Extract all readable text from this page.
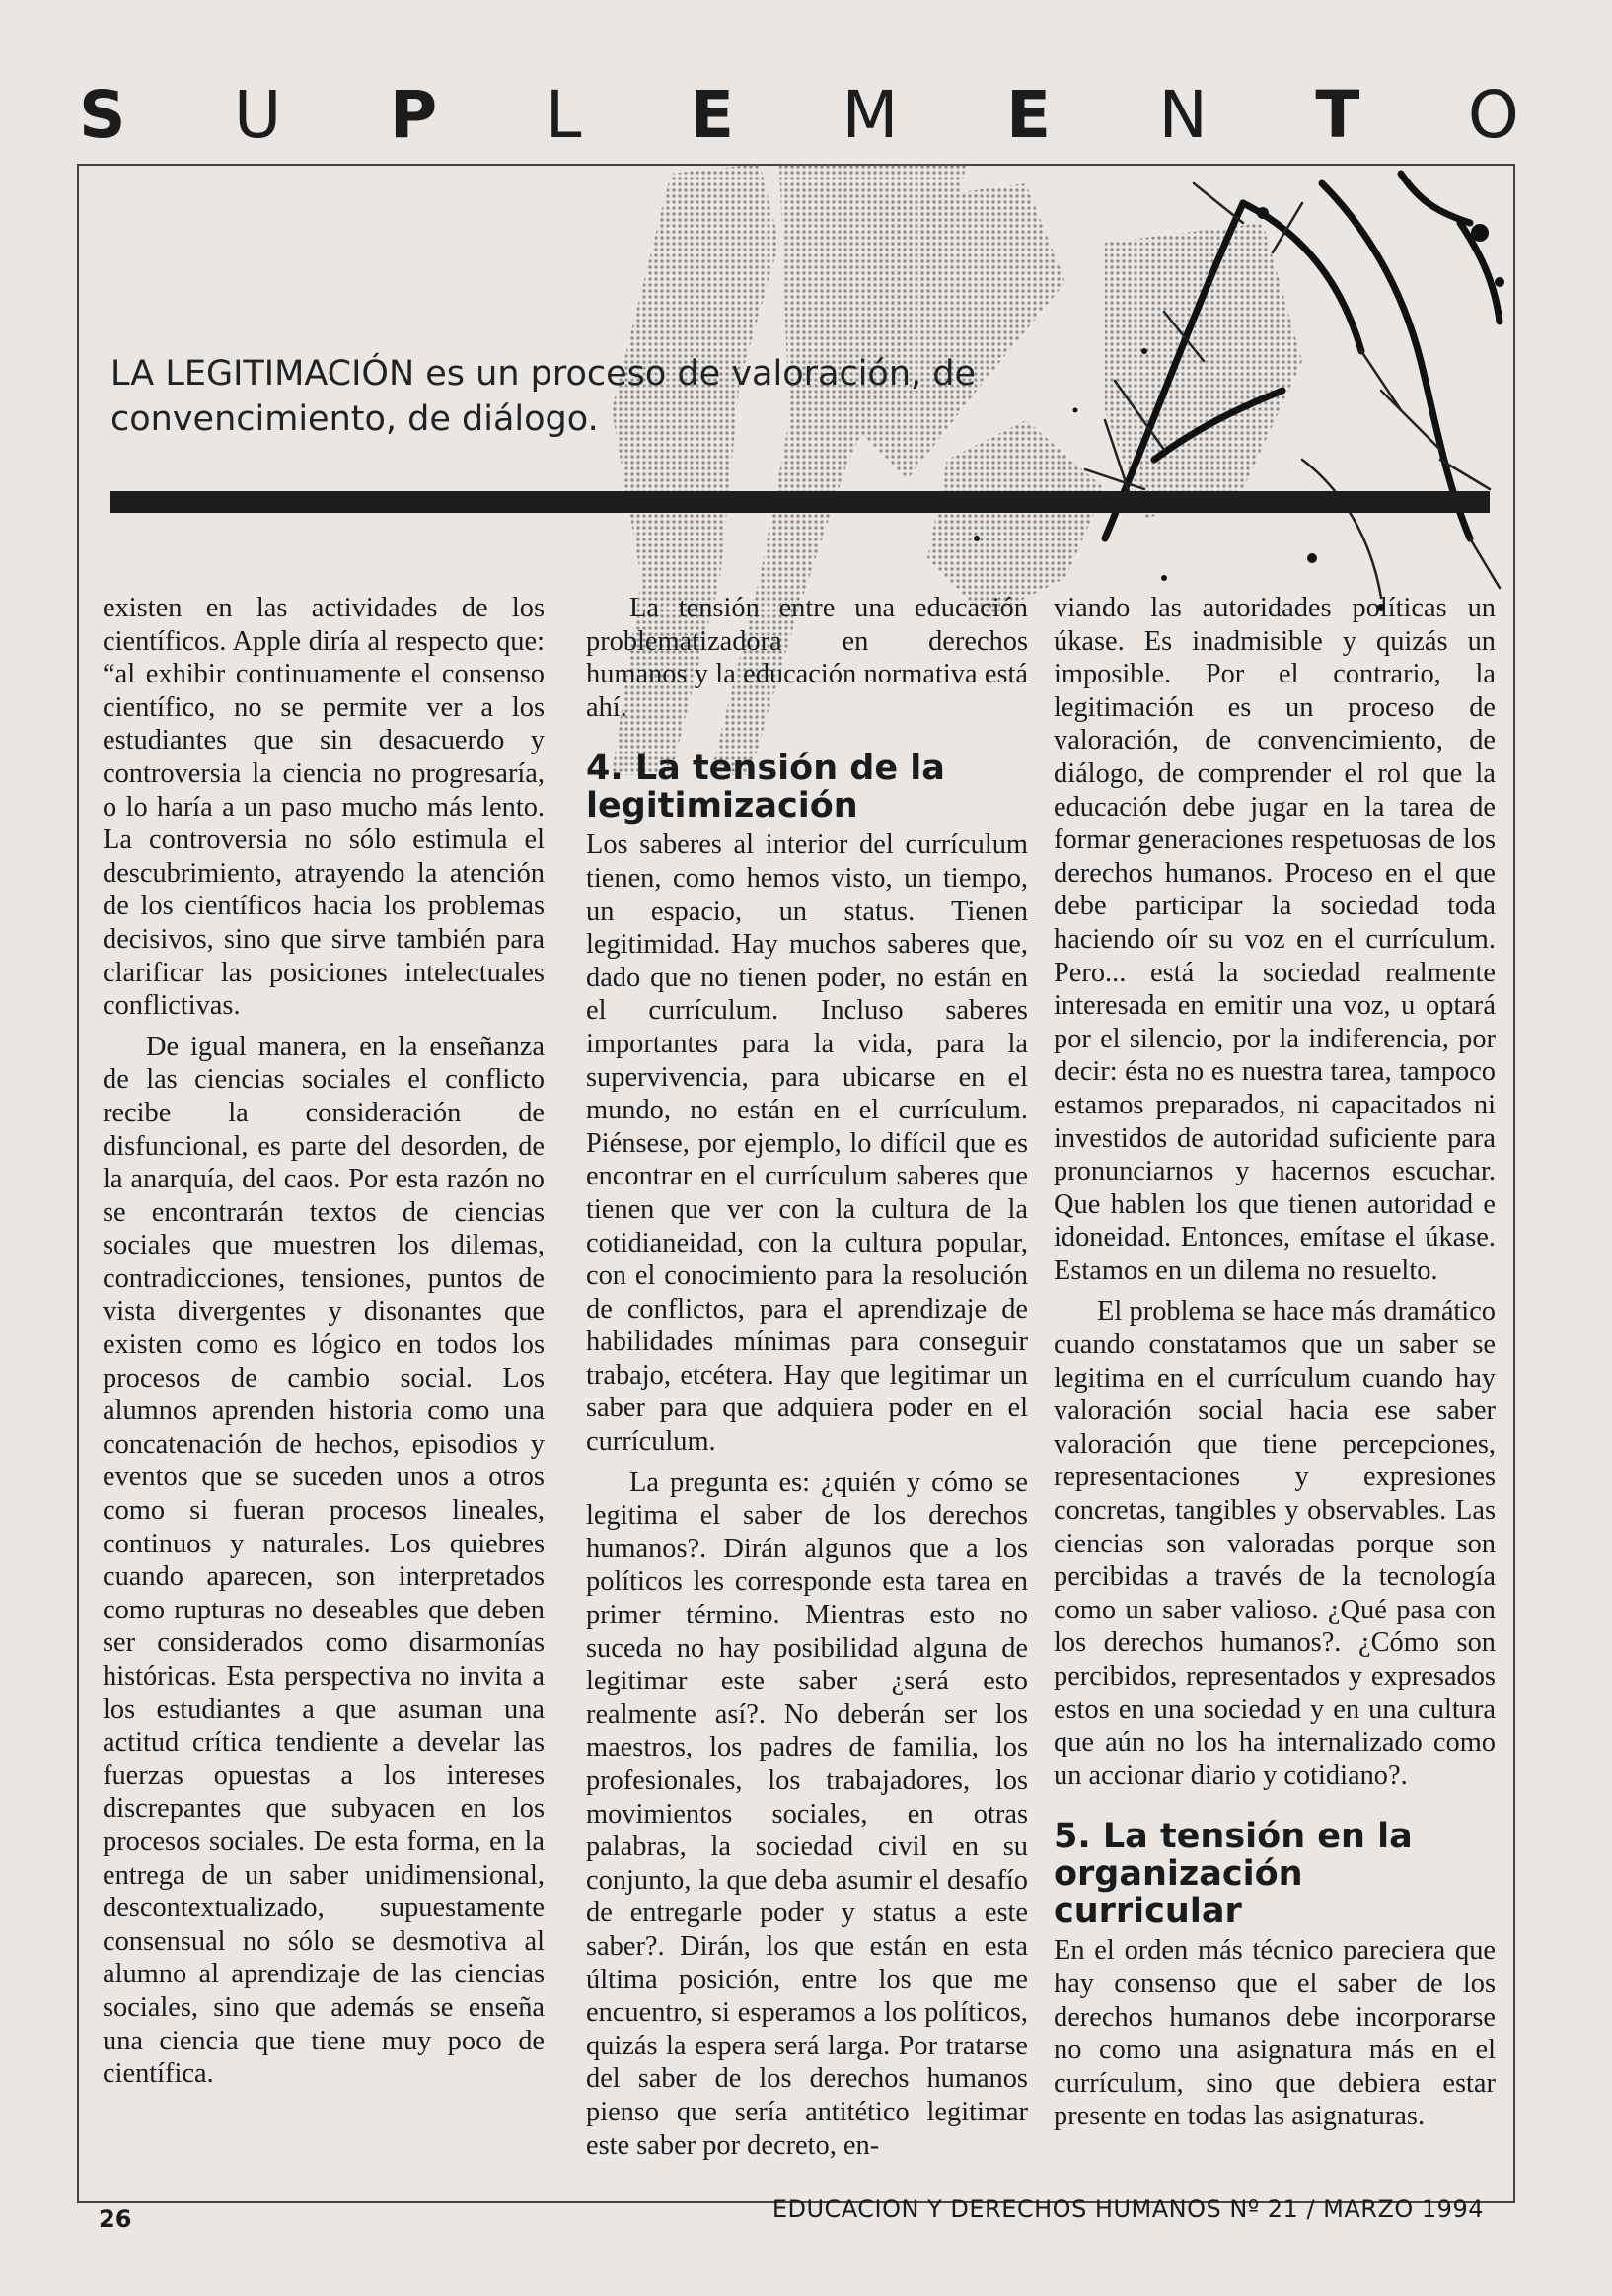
S U P L E M E N T O
LA LEGITIMACIÓN es un proceso de valoración, de convencimiento, de diálogo.

existen en las actividades de los científicos. Apple diría al respecto que: “al exhibir continuamente el consenso científico, no se permite ver a los estudiantes que sin desacuerdo y controversia la ciencia no progresaría, o lo haría a un paso mucho más lento. La controversia no sólo estimula el descubrimiento, atrayendo la atención de los científicos hacia los problemas decisivos, sino que sirve también para clarificar las posiciones intelectuales conflictivas.

De igual manera, en la enseñanza de las ciencias sociales el conflicto recibe la consideración de disfuncional, es parte del desorden, de la anarquía, del caos. Por esta razón no se encontrarán textos de ciencias sociales que muestren los dilemas, contradicciones, tensiones, puntos de vista divergentes y disonantes que existen como es lógico en todos los procesos de cambio social. Los alumnos aprenden historia como una concatenación de hechos, episodios y eventos que se suceden unos a otros como si fueran procesos lineales, continuos y naturales. Los quiebres cuando aparecen, son interpretados como rupturas no deseables que deben ser considerados como disarmonías históricas. Esta perspectiva no invita a los estudiantes a que asuman una actitud crítica tendiente a develar las fuerzas opuestas a los intereses discrepantes que subyacen en los procesos sociales. De esta forma, en la entrega de un saber unidimensional, descontextualizado, supuestamente consensual no sólo se desmotiva al alumno al aprendizaje de las ciencias sociales, sino que además se enseña una ciencia que tiene muy poco de científica.

La tensión entre una educación problematizadora en derechos humanos y la educación normativa está ahí.

4. La tensión de la legitimización

Los saberes al interior del currículum tienen, como hemos visto, un tiempo, un espacio, un status. Tienen legitimidad. Hay muchos saberes que, dado que no tienen poder, no están en el currículum. Incluso saberes importantes para la vida, para la supervivencia, para ubicarse en el mundo, no están en el currículum. Piénsese, por ejemplo, lo difícil que es encontrar en el currículum saberes que tienen que ver con la cultura de la cotidianeidad, con la cultura popular, con el conocimiento para la resolución de conflictos, para el aprendizaje de habilidades mínimas para conseguir trabajo, etcétera. Hay que legitimar un saber para que adquiera poder en el currículum.

La pregunta es: ¿quién y cómo se legitima el saber de los derechos humanos?. Dirán algunos que a los políticos les corresponde esta tarea en primer término. Mientras esto no suceda no hay posibilidad alguna de legitimar este saber ¿será esto realmente así?. No deberán ser los maestros, los padres de familia, los profesionales, los trabajadores, los movimientos sociales, en otras palabras, la sociedad civil en su conjunto, la que deba asumir el desafío de entregarle poder y status a este saber?. Dirán, los que están en esta última posición, entre los que me encuentro, si esperamos a los políticos, quizás la espera será larga. Por tratarse del saber de los derechos humanos pienso que sería antitético legitimar este saber por decreto, en-

viando las autoridades políticas un úkase. Es inadmisible y quizás un imposible. Por el contrario, la legitimación es un proceso de valoración, de convencimiento, de diálogo, de comprender el rol que la educación debe jugar en la tarea de formar generaciones respetuosas de los derechos humanos. Proceso en el que debe participar la sociedad toda haciendo oír su voz en el currículum. Pero... está la sociedad realmente interesada en emitir una voz, u optará por el silencio, por la indiferencia, por decir: ésta no es nuestra tarea, tampoco estamos preparados, ni capacitados ni investidos de autoridad suficiente para pronunciarnos y hacernos escuchar. Que hablen los que tienen autoridad e idoneidad. Entonces, emítase el úkase. Estamos en un dilema no resuelto.

El problema se hace más dramático cuando constatamos que un saber se legitima en el currículum cuando hay valoración social hacia ese saber valoración que tiene percepciones, representaciones y expresiones concretas, tangibles y observables. Las ciencias son valoradas porque son percibidas a través de la tecnología como un saber valioso. ¿Qué pasa con los derechos humanos?. ¿Cómo son percibidos, representados y expresados estos en una sociedad y en una cultura que aún no los ha internalizado como un accionar diario y cotidiano?.

5. La tensión en la organización curricular

En el orden más técnico pareciera que hay consenso que el saber de los derechos humanos debe incorporarse no como una asignatura más en el currículum, sino que debiera estar presente en todas las asignaturas.

26	EDUCACION Y DERECHOS HUMANOS Nº 21 / MARZO 1994
